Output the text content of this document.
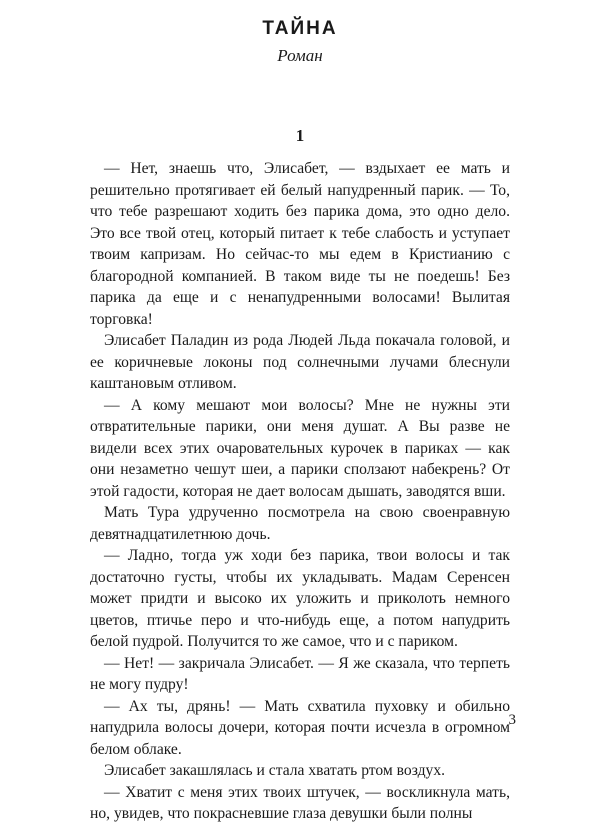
ТАЙНА
Роман
1

— Нет, знаешь что, Элисабет, — вздыхает ее мать и решительно протягивает ей белый напудренный парик. — То, что тебе разрешают ходить без парика дома, это одно дело. Это все твой отец, который питает к тебе слабость и уступает твоим капризам. Но сейчас-то мы едем в Кристианию с благородной компанией. В таком виде ты не поедешь! Без парика да еще и с ненапудренными волосами! Вылитая торговка!

Элисабет Паладин из рода Людей Льда покачала головой, и ее коричневые локоны под солнечными лучами блеснули каштановым отливом.

— А кому мешают мои волосы? Мне не нужны эти отвратительные парики, они меня душат. А Вы разве не видели всех этих очаровательных курочек в париках — как они незаметно чешут шеи, а парики сползают набекрень? От этой гадости, которая не дает волосам дышать, заводятся вши.

Мать Тура удрученно посмотрела на свою своенравную девятнадцатилетнюю дочь.

— Ладно, тогда уж ходи без парика, твои волосы и так достаточно густы, чтобы их укладывать. Мадам Серенсен может придти и высоко их уложить и приколоть немного цветов, птичье перо и что-нибудь еще, а потом напудрить белой пудрой. Получится то же самое, что и с париком.

— Нет! — закричала Элисабет. — Я же сказала, что терпеть не могу пудру!

— Ах ты, дрянь! — Мать схватила пуховку и обильно напудрила волосы дочери, которая почти исчезла в огромном белом облаке.

Элисабет закашлялась и стала хватать ртом воздух.

— Хватит с меня этих твоих штучек, — воскликнула мать, но, увидев, что покрасневшие глаза девушки были полны

3
